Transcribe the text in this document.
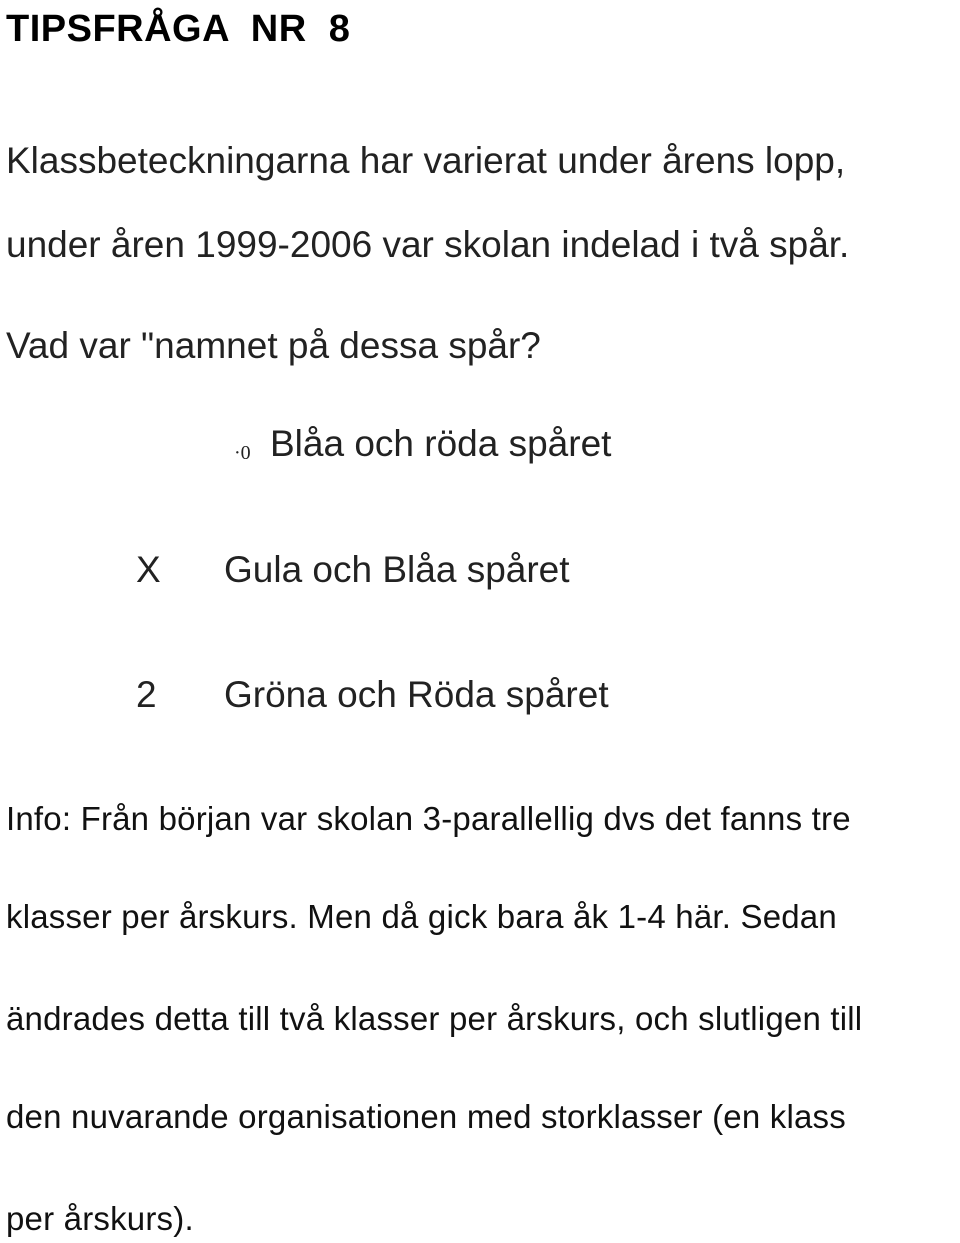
TIPSFRÅGA  NR  8
Klassbeteckningarna har varierat under årens lopp,
under åren 1999-2006 var skolan indelad i två spår.
Vad var "namnet på dessa spår?
·0 Blåa och röda spåret
X Gula och Blåa spåret
2 Gröna och Röda spåret
Info: Från början var skolan 3-parallellig dvs det fanns tre
klasser per årskurs. Men då gick bara åk 1-4 här. Sedan
ändrades detta till två klasser per årskurs, och slutligen till
den nuvarande organisationen med storklasser (en klass
per årskurs).
